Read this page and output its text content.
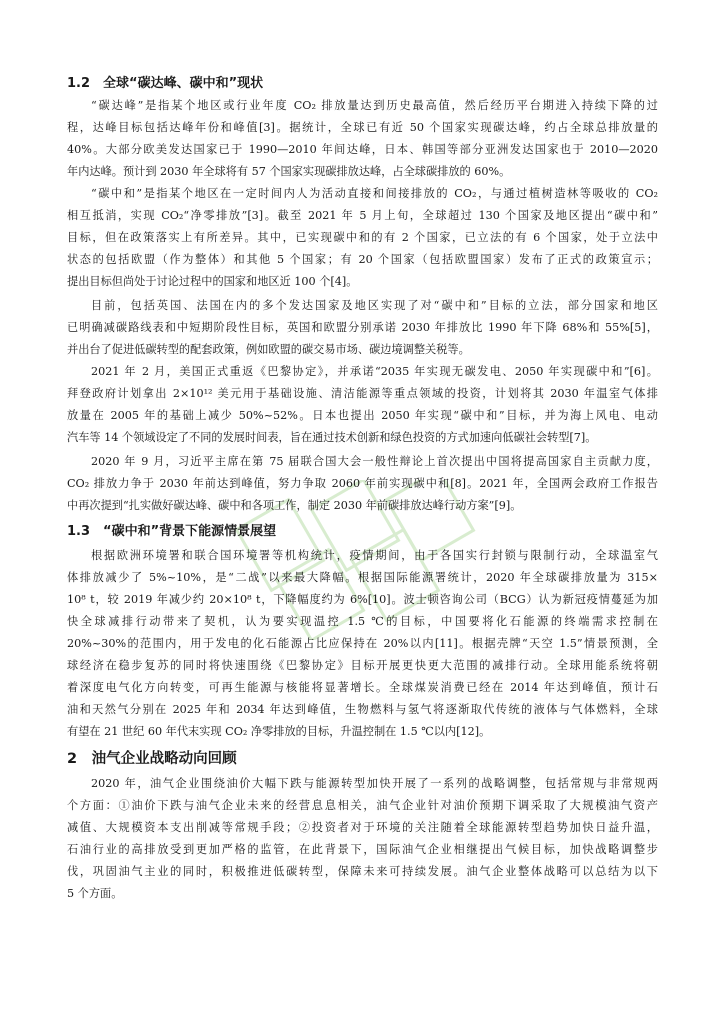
1.2　全球“碳达峰、碳中和”现状
“碳达峰”是指某个地区或行业年度 CO₂ 排放量达到历史最高值，然后经历平台期进入持续下降的过
程，达峰目标包括达峰年份和峰值[3]。据统计，全球已有近 50 个国家实现碳达峰，约占全球总排放量的
40%。大部分欧美发达国家已于 1990—2010 年间达峰，日本、韩国等部分亚洲发达国家也于 2010—2020
年内达峰。预计到 2030 年全球将有 57 个国家实现碳排放达峰，占全球碳排放的 60%。
“碳中和”是指某个地区在一定时间内人为活动直接和间接排放的 CO₂，与通过植树造林等吸收的 CO₂
相互抵消，实现 CO₂“净零排放”[3]。截至 2021 年 5 月上旬，全球超过 130 个国家及地区提出“碳中和”
目标，但在政策落实上有所差异。其中，已实现碳中和的有 2 个国家，已立法的有 6 个国家，处于立法中
状态的包括欧盟（作为整体）和其他 5 个国家；有 20 个国家（包括欧盟国家）发布了正式的政策宣示；
提出目标但尚处于讨论过程中的国家和地区近 100 个[4]。
目前，包括英国、法国在内的多个发达国家及地区实现了对“碳中和”目标的立法，部分国家和地区
已明确减碳路线表和中短期阶段性目标，英国和欧盟分别承诺 2030 年排放比 1990 年下降 68%和 55%[5]，
并出台了促进低碳转型的配套政策，例如欧盟的碳交易市场、碳边境调整关税等。
2021 年 2 月，美国正式重返《巴黎协定》，并承诺“2035 年实现无碳发电、2050 年实现碳中和”[6]。
拜登政府计划拿出 2×10¹² 美元用于基础设施、清洁能源等重点领域的投资，计划将其 2030 年温室气体排
放量在 2005 年的基础上减少 50%~52%。日本也提出 2050 年实现“碳中和”目标，并为海上风电、电动
汽车等 14 个领域设定了不同的发展时间表，旨在通过技术创新和绿色投资的方式加速向低碳社会转型[7]。
2020 年 9 月，习近平主席在第 75 届联合国大会一般性辩论上首次提出中国将提高国家自主贡献力度，
CO₂ 排放力争于 2030 年前达到峰值，努力争取 2060 年前实现碳中和[8]。2021 年，全国两会政府工作报告
中再次提到“扎实做好碳达峰、碳中和各项工作，制定 2030 年前碳排放达峰行动方案”[9]。
1.3　“碳中和”背景下能源情景展望
根据欧洲环境署和联合国环境署等机构统计，疫情期间，由于各国实行封锁与限制行动，全球温室气
体排放减少了 5%~10%，是“二战”以来最大降幅。根据国际能源署统计，2020 年全球碳排放量为 315×
10⁸ t，较 2019 年减少约 20×10⁸ t，下降幅度约为 6%[10]。波士顿咨询公司（BCG）认为新冠疫情蔓延为加
快全球减排行动带来了契机，认为要实现温控 1.5 ℃的目标，中国要将化石能源的终端需求控制在
20%~30%的范围内，用于发电的化石能源占比应保持在 20%以内[11]。根据壳牌“天空 1.5”情景预测，全
球经济在稳步复苏的同时将快速围绕《巴黎协定》目标开展更快更大范围的减排行动。全球用能系统将朝
着深度电气化方向转变，可再生能源与核能将显著增长。全球煤炭消费已经在 2014 年达到峰值，预计石
油和天然气分别在 2025 年和 2034 年达到峰值，生物燃料与氢气将逐渐取代传统的液体与气体燃料，全球
有望在 21 世纪 60 年代末实现 CO₂ 净零排放的目标，升温控制在 1.5 ℃以内[12]。
2　油气企业战略动向回顾
2020 年，油气企业围绕油价大幅下跌与能源转型加快开展了一系列的战略调整，包括常规与非常规两
个方面：①油价下跌与油气企业未来的经营息息相关，油气企业针对油价预期下调采取了大规模油气资产
减值、大规模资本支出削减等常规手段；②投资者对于环境的关注随着全球能源转型趋势加快日益升温，
石油行业的高排放受到更加严格的监管，在此背景下，国际油气企业相继提出气候目标，加快战略调整步
伐，巩固油气主业的同时，积极推进低碳转型，保障未来可持续发展。油气企业整体战略可以总结为以下
5 个方面。
